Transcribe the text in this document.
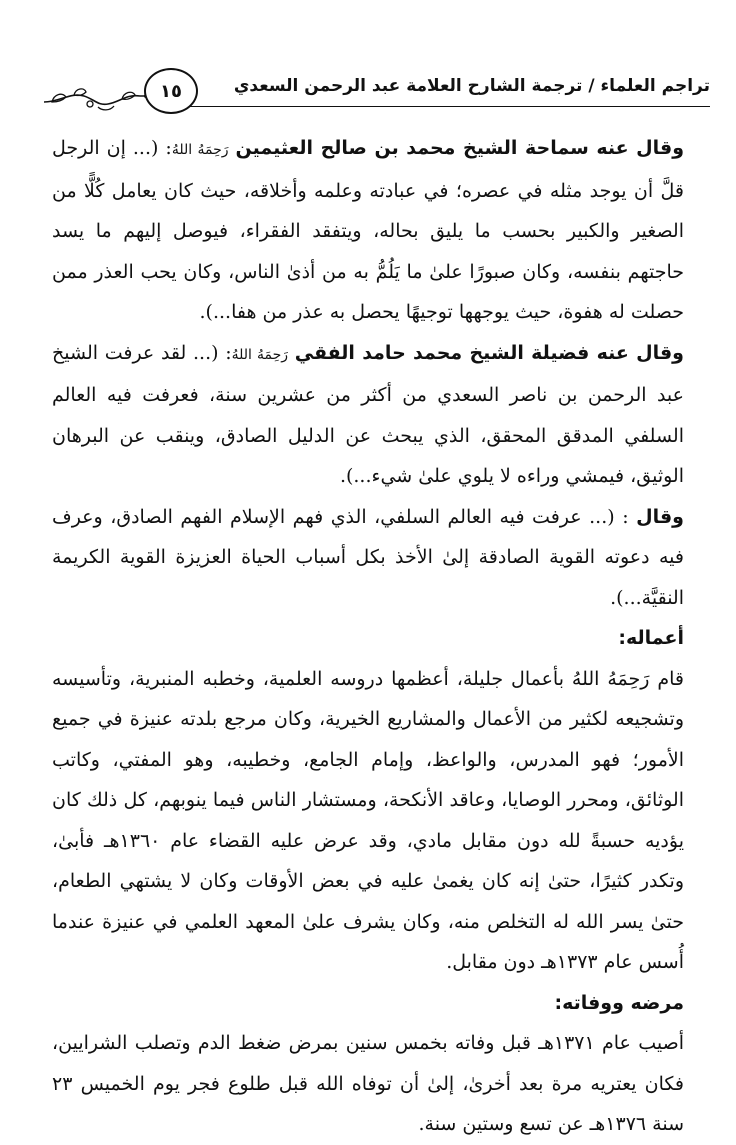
تراجم العلماء / ترجمة الشارح العلامة عبد الرحمن السعدي
١٥

وقال عنه سماحة الشيخ محمد بن صالح العثيمين رَحِمَهُ اللهُ: (... إن الرجل قلَّ أن يوجد مثله في عصره؛ في عبادته وعلمه وأخلاقه، حيث كان يعامل كُلًّا من الصغير والكبير بحسب ما يليق بحاله، ويتفقد الفقراء، فيوصل إليهم ما يسد حاجتهم بنفسه، وكان صبورًا علىٰ ما يَلُمُّ به من أذىٰ الناس، وكان يحب العذر ممن حصلت له هفوة، حيث يوجهها توجيهًا يحصل به عذر من هفا...).

وقال عنه فضيلة الشيخ محمد حامد الفقي رَحِمَهُ اللهُ: (... لقد عرفت الشيخ عبد الرحمن بن ناصر السعدي من أكثر من عشرين سنة، فعرفت فيه العالم السلفي المدقق المحقق، الذي يبحث عن الدليل الصادق، وينقب عن البرهان الوثيق، فيمشي وراءه لا يلوي علىٰ شيء...).

وقال : (... عرفت فيه العالم السلفي، الذي فهم الإسلام الفهم الصادق، وعرف فيه دعوته القوية الصادقة إلىٰ الأخذ بكل أسباب الحياة العزيزة القوية الكريمة النقيَّة...).

أعماله:

قام رَحِمَهُ اللهُ بأعمال جليلة، أعظمها دروسه العلمية، وخطبه المنبرية، وتأسيسه وتشجيعه لكثير من الأعمال والمشاريع الخيرية، وكان مرجع بلدته عنيزة في جميع الأمور؛ فهو المدرس، والواعظ، وإمام الجامع، وخطيبه، وهو المفتي، وكاتب الوثائق، ومحرر الوصايا، وعاقد الأنكحة، ومستشار الناس فيما ينوبهم، كل ذلك كان يؤديه حسبةً لله دون مقابل مادي، وقد عرض عليه القضاء عام ١٣٦٠هـ فأبىٰ، وتكدر كثيرًا، حتىٰ إنه كان يغمىٰ عليه في بعض الأوقات وكان لا يشتهي الطعام، حتىٰ يسر الله له التخلص منه، وكان يشرف علىٰ المعهد العلمي في عنيزة عندما أُسس عام ١٣٧٣هـ دون مقابل.

مرضه ووفاته:

أصيب عام ١٣٧١هـ قبل وفاته بخمس سنين بمرض ضغط الدم وتصلب الشرايين، فكان يعتريه مرة بعد أخرىٰ، إلىٰ أن توفاه الله قبل طلوع فجر يوم الخميس ٢٣ سنة ١٣٧٦هـ عن تسع وستين سنة.
